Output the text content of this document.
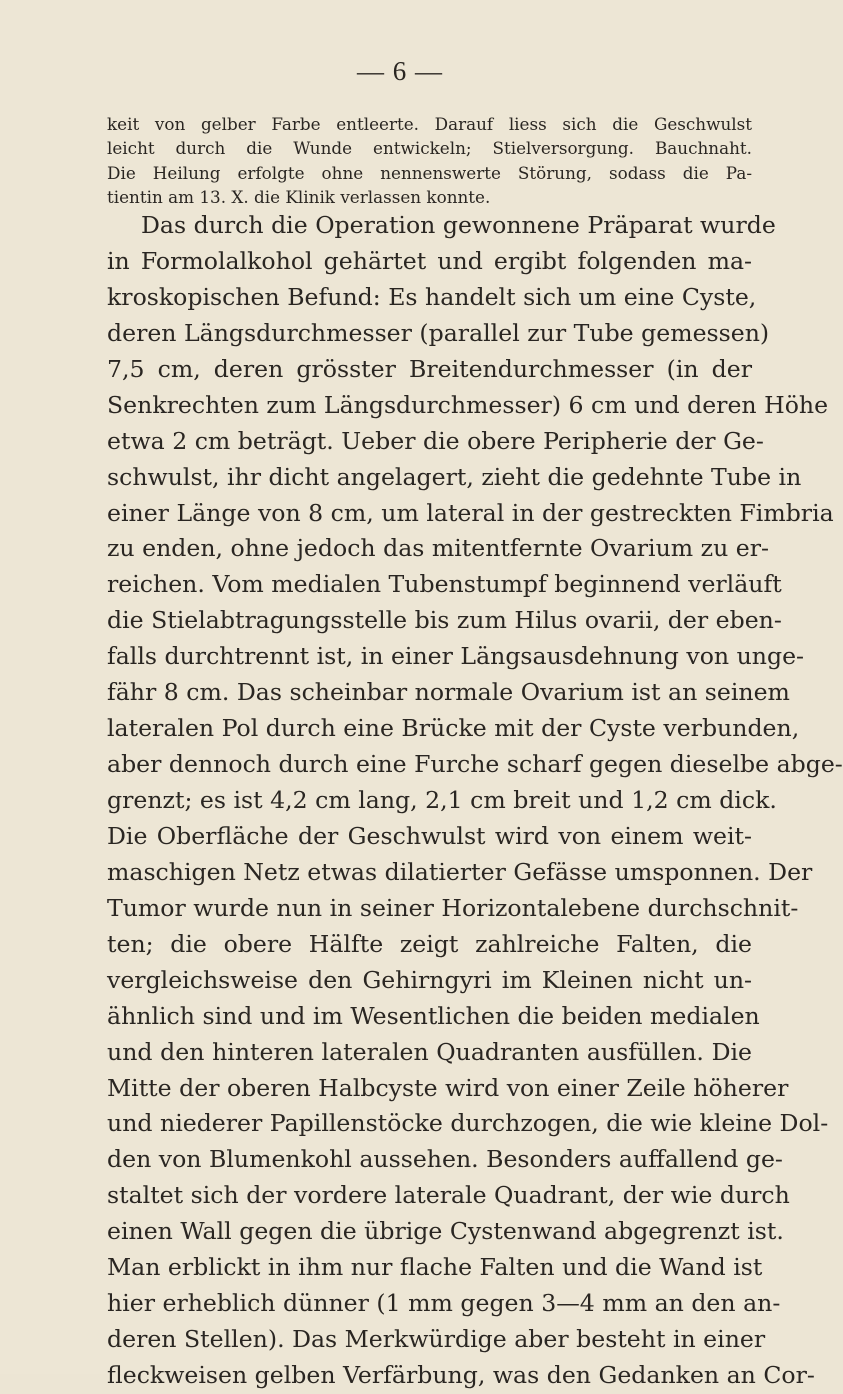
— 6 —
keit von gelber Farbe entleerte. Darauf liess sich die Geschwulst
leicht durch die Wunde entwickeln; Stielversorgung. Bauchnaht.
Die Heilung erfolgte ohne nennenswerte Störung, sodass die Pa-
tientin am 13. X. die Klinik verlassen konnte.
Das durch die Operation gewonnene Präparat wurde
in Formolalkohol gehärtet und ergibt folgenden ma-
kroskopischen Befund: Es handelt sich um eine Cyste,
deren Längsdurchmesser (parallel zur Tube gemessen)
7,5 cm, deren grösster Breitendurchmesser (in der
Senkrechten zum Längsdurchmesser) 6 cm und deren Höhe
etwa 2 cm beträgt. Ueber die obere Peripherie der Ge-
schwulst, ihr dicht angelagert, zieht die gedehnte Tube in
einer Länge von 8 cm, um lateral in der gestreckten Fimbria
zu enden, ohne jedoch das mitentfernte Ovarium zu er-
reichen. Vom medialen Tubenstumpf beginnend verläuft
die Stielabtragungsstelle bis zum Hilus ovarii, der eben-
falls durchtrennt ist, in einer Längsausdehnung von unge-
fähr 8 cm. Das scheinbar normale Ovarium ist an seinem
lateralen Pol durch eine Brücke mit der Cyste verbunden,
aber dennoch durch eine Furche scharf gegen dieselbe abge-
grenzt; es ist 4,2 cm lang, 2,1 cm breit und 1,2 cm dick.
Die Oberfläche der Geschwulst wird von einem weit-
maschigen Netz etwas dilatierter Gefässe umsponnen. Der
Tumor wurde nun in seiner Horizontalebene durchschnit-
ten; die obere Hälfte zeigt zahlreiche Falten, die
vergleichsweise den Gehirngyri im Kleinen nicht un-
ähnlich sind und im Wesentlichen die beiden medialen
und den hinteren lateralen Quadranten ausfüllen. Die
Mitte der oberen Halbcyste wird von einer Zeile höherer
und niederer Papillenstöcke durchzogen, die wie kleine Dol-
den von Blumenkohl aussehen. Besonders auffallend ge-
staltet sich der vordere laterale Quadrant, der wie durch
einen Wall gegen die übrige Cystenwand abgegrenzt ist.
Man erblickt in ihm nur flache Falten und die Wand ist
hier erheblich dünner (1 mm gegen 3—4 mm an den an-
deren Stellen). Das Merkwürdige aber besteht in einer
fleckweisen gelben Verfärbung, was den Gedanken an Cor-
